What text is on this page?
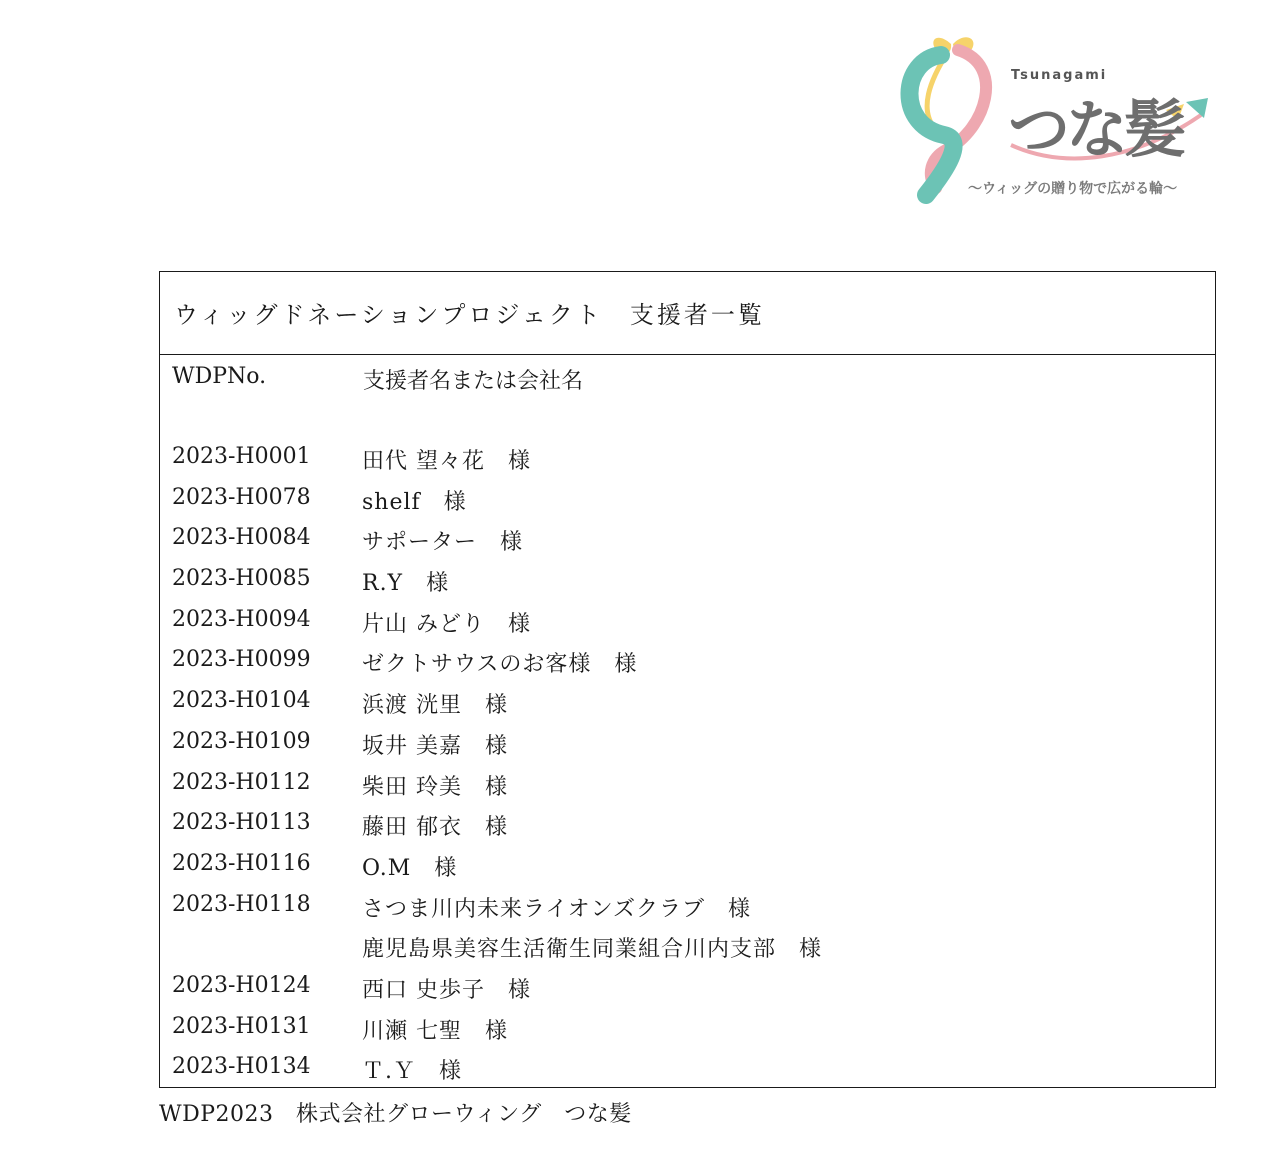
Tsunagami
つな髪
〜ウィッグの贈り物で広がる輪〜
ウィッグドネーションプロジェクト　支援者一覧
WDPNo.	支援者名または会社名
2023-H0001 田代 望々花　様
2023-H0078 shelf　様
2023-H0084 サポーター　様
2023-H0085 R.Y　様
2023-H0094 片山 みどり　様
2023-H0099 ゼクトサウスのお客様　様
2023-H0104 浜渡 洸里　様
2023-H0109 坂井 美嘉　様
2023-H0112 柴田 玲美　様
2023-H0113 藤田 郁衣　様
2023-H0116 O.M　様
2023-H0118 さつま川内未来ライオンズクラブ　様
鹿児島県美容生活衛生同業組合川内支部　様
2023-H0124 西口 史歩子　様
2023-H0131 川瀬 七聖　様
2023-H0134 Ｔ.Ｙ　様
WDP2023　株式会社グローウィング　つな髪
